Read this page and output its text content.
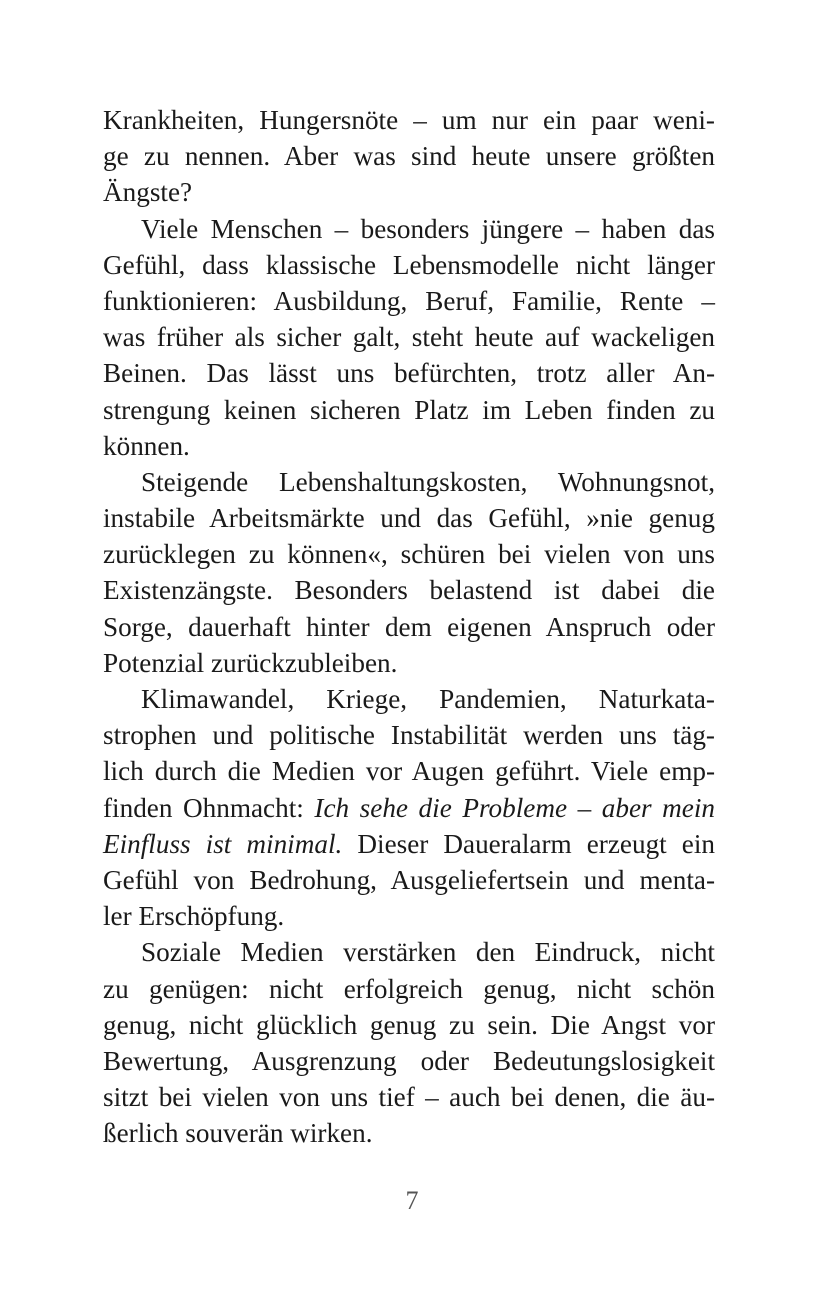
Krankheiten, Hungersnöte – um nur ein paar weni-
ge zu nennen. Aber was sind heute unsere größten
Ängste?
Viele Menschen – besonders jüngere – haben das
Gefühl, dass klassische Lebensmodelle nicht länger
funktionieren: Ausbildung, Beruf, Familie, Rente –
was früher als sicher galt, steht heute auf wackeligen
Beinen. Das lässt uns befürchten, trotz aller An-
strengung keinen sicheren Platz im Leben finden zu
können.
Steigende Lebenshaltungskosten, Wohnungsnot,
instabile Arbeitsmärkte und das Gefühl, »nie genug
zurücklegen zu können«, schüren bei vielen von uns
Existenzängste. Besonders belastend ist dabei die
Sorge, dauerhaft hinter dem eigenen Anspruch oder
Potenzial zurückzubleiben.
Klimawandel, Kriege, Pandemien, Naturkata-
strophen und politische Instabilität werden uns täg-
lich durch die Medien vor Augen geführt. Viele emp-
finden Ohnmacht: Ich sehe die Probleme – aber mein
Einfluss ist minimal. Dieser Daueralarm erzeugt ein
Gefühl von Bedrohung, Ausgeliefertsein und menta-
ler Erschöpfung.
Soziale Medien verstärken den Eindruck, nicht
zu genügen: nicht erfolgreich genug, nicht schön
genug, nicht glücklich genug zu sein. Die Angst vor
Bewertung, Ausgrenzung oder Bedeutungslosigkeit
sitzt bei vielen von uns tief – auch bei denen, die äu-
ßerlich souverän wirken.
7
